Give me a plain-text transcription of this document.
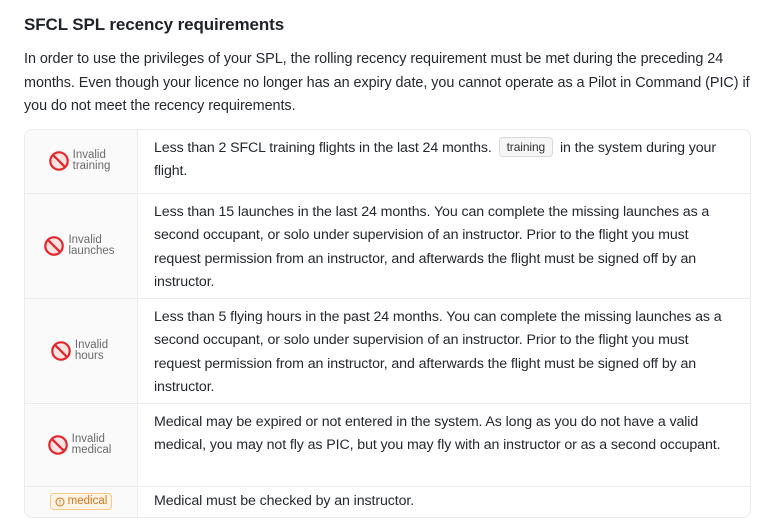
SFCL SPL recency requirements

In order to use the privileges of your SPL, the rolling recency requirement must be met during the preceding 24 months. Even though your licence no longer has an expiry date, you cannot operate as a Pilot in Command (PIC) if you do not meet the recency requirements.

Invalid
training
Less than 2 SFCL training flights in the last 24 months. training in the system during your flight.
Invalid
launches
Less than 15 launches in the last 24 months. You can complete the missing launches as a second occupant, or solo under supervision of an instructor. Prior to the flight you must request permission from an instructor, and afterwards the flight must be signed off by an instructor.
Invalid
hours
Less than 5 flying hours in the past 24 months. You can complete the missing launches as a second occupant, or solo under supervision of an instructor. Prior to the flight you must request permission from an instructor, and afterwards the flight must be signed off by an instructor.
Invalid
medical
Medical may be expired or not entered in the system. As long as you do not have a valid medical, you may not fly as PIC, but you may fly with an instructor or as a second occupant.
medical	Medical must be checked by an instructor.
